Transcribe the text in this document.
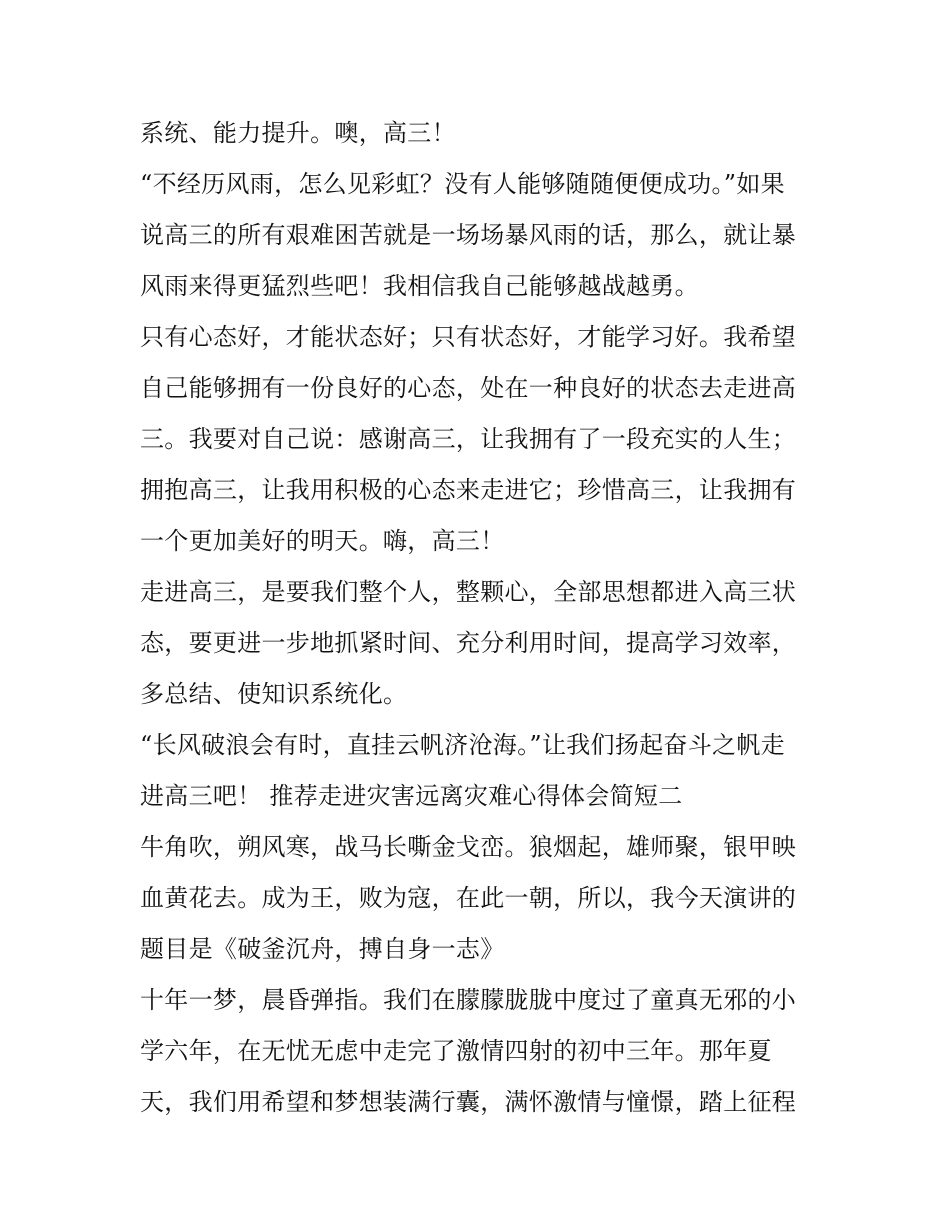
系统、能力提升。噢，高三！
“不经历风雨，怎么见彩虹？没有人能够随随便便成功。”如果
说高三的所有艰难困苦就是一场场暴风雨的话，那么，就让暴
风雨来得更猛烈些吧！我相信我自己能够越战越勇。
只有心态好，才能状态好；只有状态好，才能学习好。我希望
自己能够拥有一份良好的心态，处在一种良好的状态去走进高
三。我要对自己说：感谢高三，让我拥有了一段充实的人生；
拥抱高三，让我用积极的心态来走进它；珍惜高三，让我拥有
一个更加美好的明天。嗨，高三！
走进高三，是要我们整个人，整颗心，全部思想都进入高三状
态，要更进一步地抓紧时间、充分利用时间，提高学习效率，
多总结、使知识系统化。
“长风破浪会有时，直挂云帆济沧海。”让我们扬起奋斗之帆走
进高三吧！ 推荐走进灾害远离灾难心得体会简短二
牛角吹，朔风寒，战马长嘶金戈峦。狼烟起，雄师聚，银甲映
血黄花去。成为王，败为寇，在此一朝，所以，我今天演讲的
题目是《破釜沉舟，搏自身一志》
十年一梦，晨昏弹指。我们在朦朦胧胧中度过了童真无邪的小
学六年，在无忧无虑中走完了激情四射的初中三年。那年夏
天，我们用希望和梦想装满行囊，满怀激情与憧憬，踏上征程
